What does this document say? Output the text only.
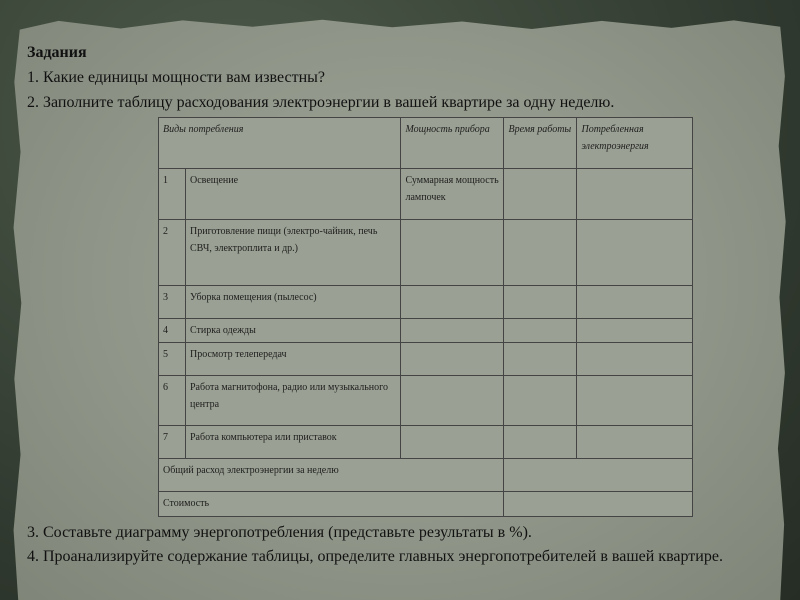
Задания
1. Какие единицы мощности вам известны?
2. Заполните таблицу расходования электроэнергии в вашей квартире за одну неделю.
Виды потребления		Мощность прибора	Время работы	Потребленная электроэнергия
1	Освещение	Суммарная мощность лампочек		
2	Приготовление пищи (электро-чайник, печь СВЧ, электроплита и др.)			
3	Уборка помещения (пылесос)			
4	Стирка одежды			
5	Просмотр телепередач			
6	Работа магнитофона, радио или музыкального центра			
7	Работа компьютера или приставок			
Общий расход электроэнергии за неделю				
Стоимость				
3. Составьте диаграмму энергопотребления (представьте результаты в %).
4. Проанализируйте содержание таблицы, определите главных энергопотребителей в вашей квартире.
